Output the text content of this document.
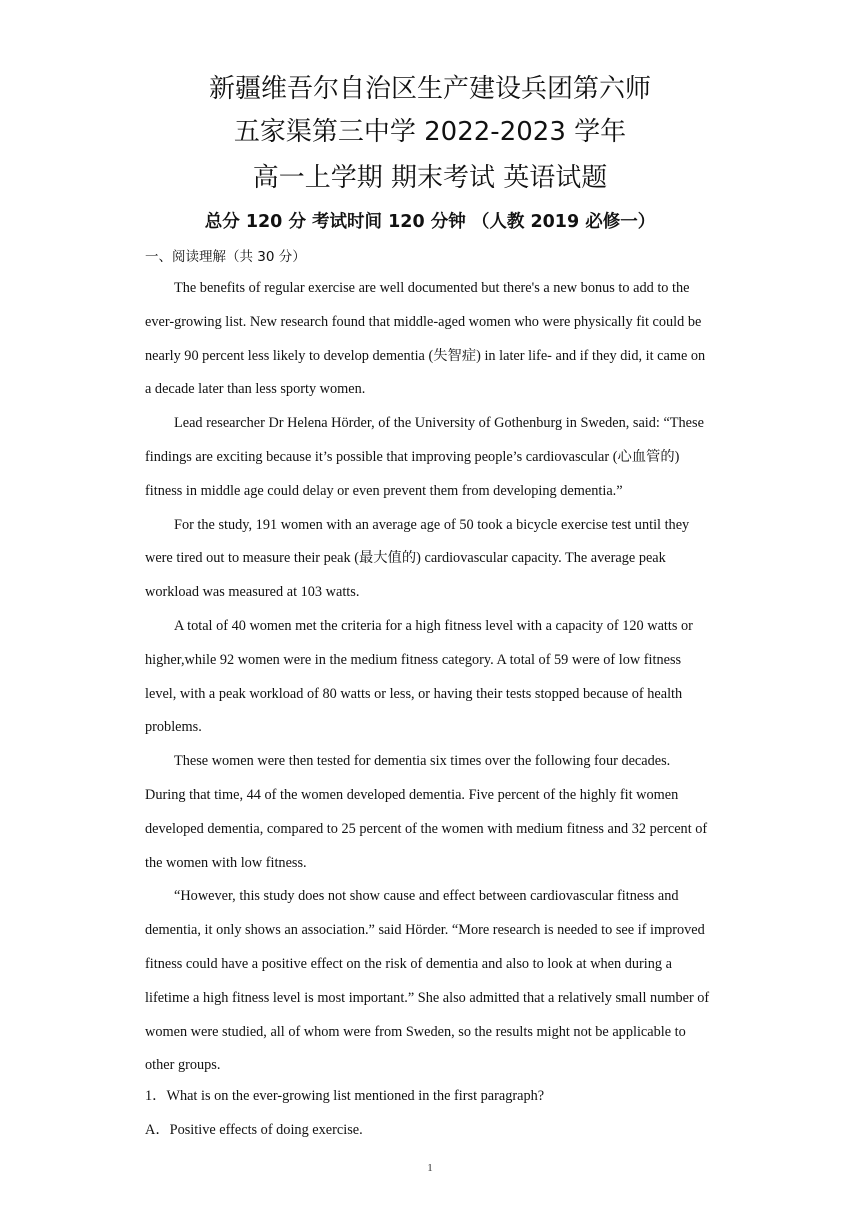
新疆维吾尔自治区生产建设兵团第六师
五家渠第三中学 2022-2023 学年
高一上学期 期末考试 英语试题
总分 120 分 考试时间 120 分钟 （人教 2019 必修一）
一、阅读理解（共 30 分）

The benefits of regular exercise are well documented but there's a new bonus to add to the ever-growing list. New research found that middle-aged women who were physically fit could be nearly 90 percent less likely to develop dementia (失智症) in later life- and if they did, it came on a decade later than less sporty women.

Lead researcher Dr Helena Hörder, of the University of Gothenburg in Sweden, said: “These findings are exciting because it’s possible that improving people’s cardiovascular (心血管的) fitness in middle age could delay or even prevent them from developing dementia.”

For the study, 191 women with an average age of 50 took a bicycle exercise test until they were tired out to measure their peak (最大值的) cardiovascular capacity. The average peak workload was measured at 103 watts.

A total of 40 women met the criteria for a high fitness level with a capacity of 120 watts or higher,while 92 women were in the medium fitness category. A total of 59 were of low fitness level, with a peak workload of 80 watts or less, or having their tests stopped because of health problems.

These women were then tested for dementia six times over the following four decades. During that time, 44 of the women developed dementia. Five percent of the highly fit women developed dementia, compared to 25 percent of the women with medium fitness and 32 percent of the women with low fitness.

“However, this study does not show cause and effect between cardiovascular fitness and dementia, it only shows an association.” said Hörder. “More research is needed to see if improved fitness could have a positive effect on the risk of dementia and also to look at when during a lifetime a high fitness level is most important.” She also admitted that a relatively small number of women were studied, all of whom were from Sweden, so the results might not be applicable to other groups.

1．What is on the ever-growing list mentioned in the first paragraph?
A．Positive effects of doing exercise.
1
